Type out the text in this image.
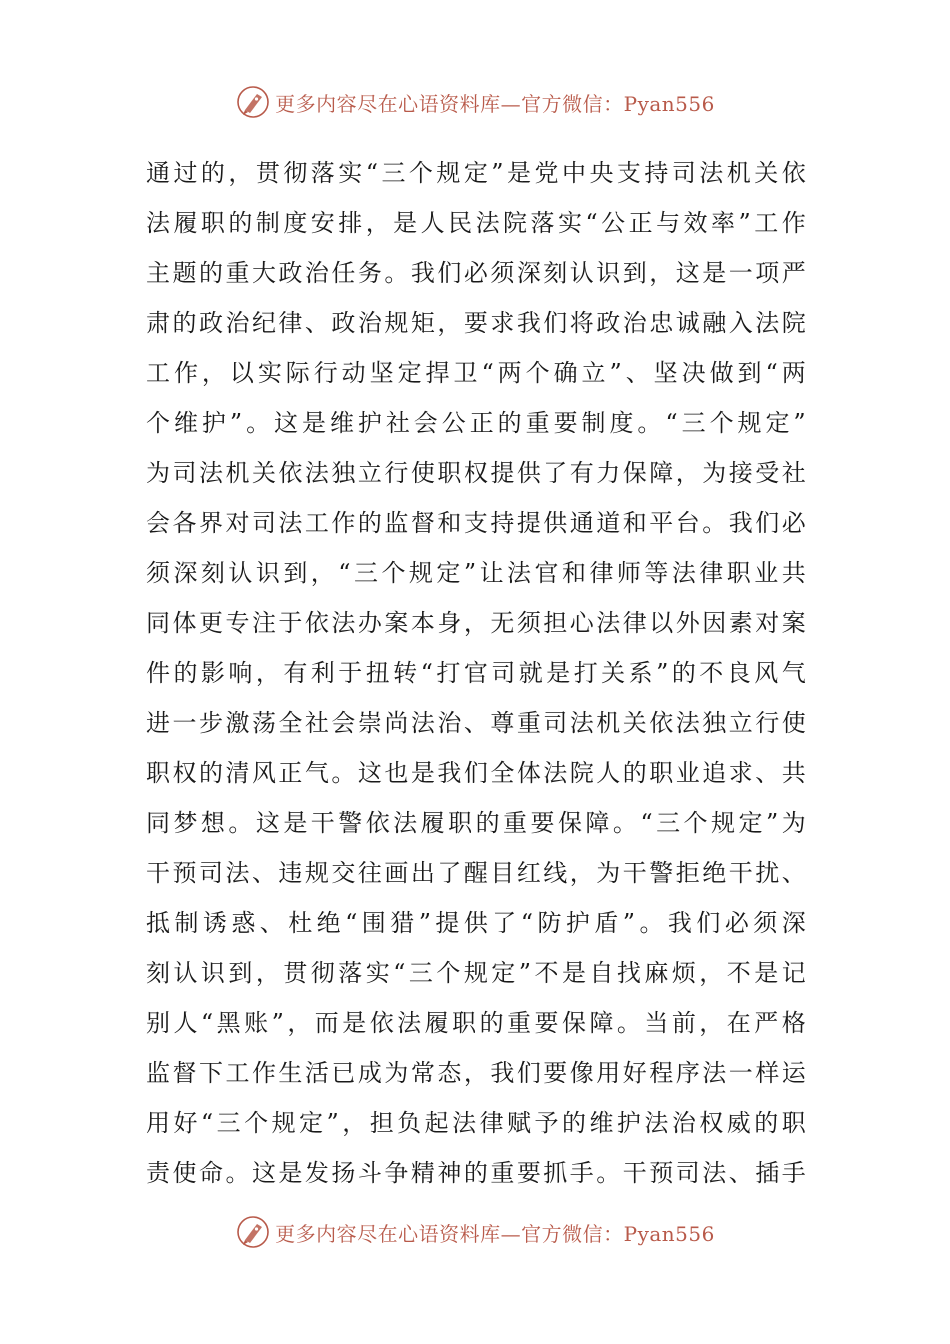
更多内容尽在心语资料库—官方微信：Pyan556
通过的，贯彻落实“三个规定”是党中央支持司法机关依
法履职的制度安排，是人民法院落实“公正与效率”工作
主题的重大政治任务。我们必须深刻认识到，这是一项严
肃的政治纪律、政治规矩，要求我们将政治忠诚融入法院
工作，以实际行动坚定捍卫“两个确立”、坚决做到“两
个维护”。这是维护社会公正的重要制度。“三个规定”
为司法机关依法独立行使职权提供了有力保障，为接受社
会各界对司法工作的监督和支持提供通道和平台。我们必
须深刻认识到，“三个规定”让法官和律师等法律职业共
同体更专注于依法办案本身，无须担心法律以外因素对案
件的影响，有利于扭转“打官司就是打关系”的不良风气
进一步激荡全社会崇尚法治、尊重司法机关依法独立行使
职权的清风正气。这也是我们全体法院人的职业追求、共
同梦想。这是干警依法履职的重要保障。“三个规定”为
干预司法、违规交往画出了醒目红线，为干警拒绝干扰、
抵制诱惑、杜绝“围猎”提供了“防护盾”。我们必须深
刻认识到，贯彻落实“三个规定”不是自找麻烦，不是记
别人“黑账”，而是依法履职的重要保障。当前，在严格
监督下工作生活已成为常态，我们要像用好程序法一样运
用好“三个规定”，担负起法律赋予的维护法治权威的职
责使命。这是发扬斗争精神的重要抓手。干预司法、插手
更多内容尽在心语资料库—官方微信：Pyan556
